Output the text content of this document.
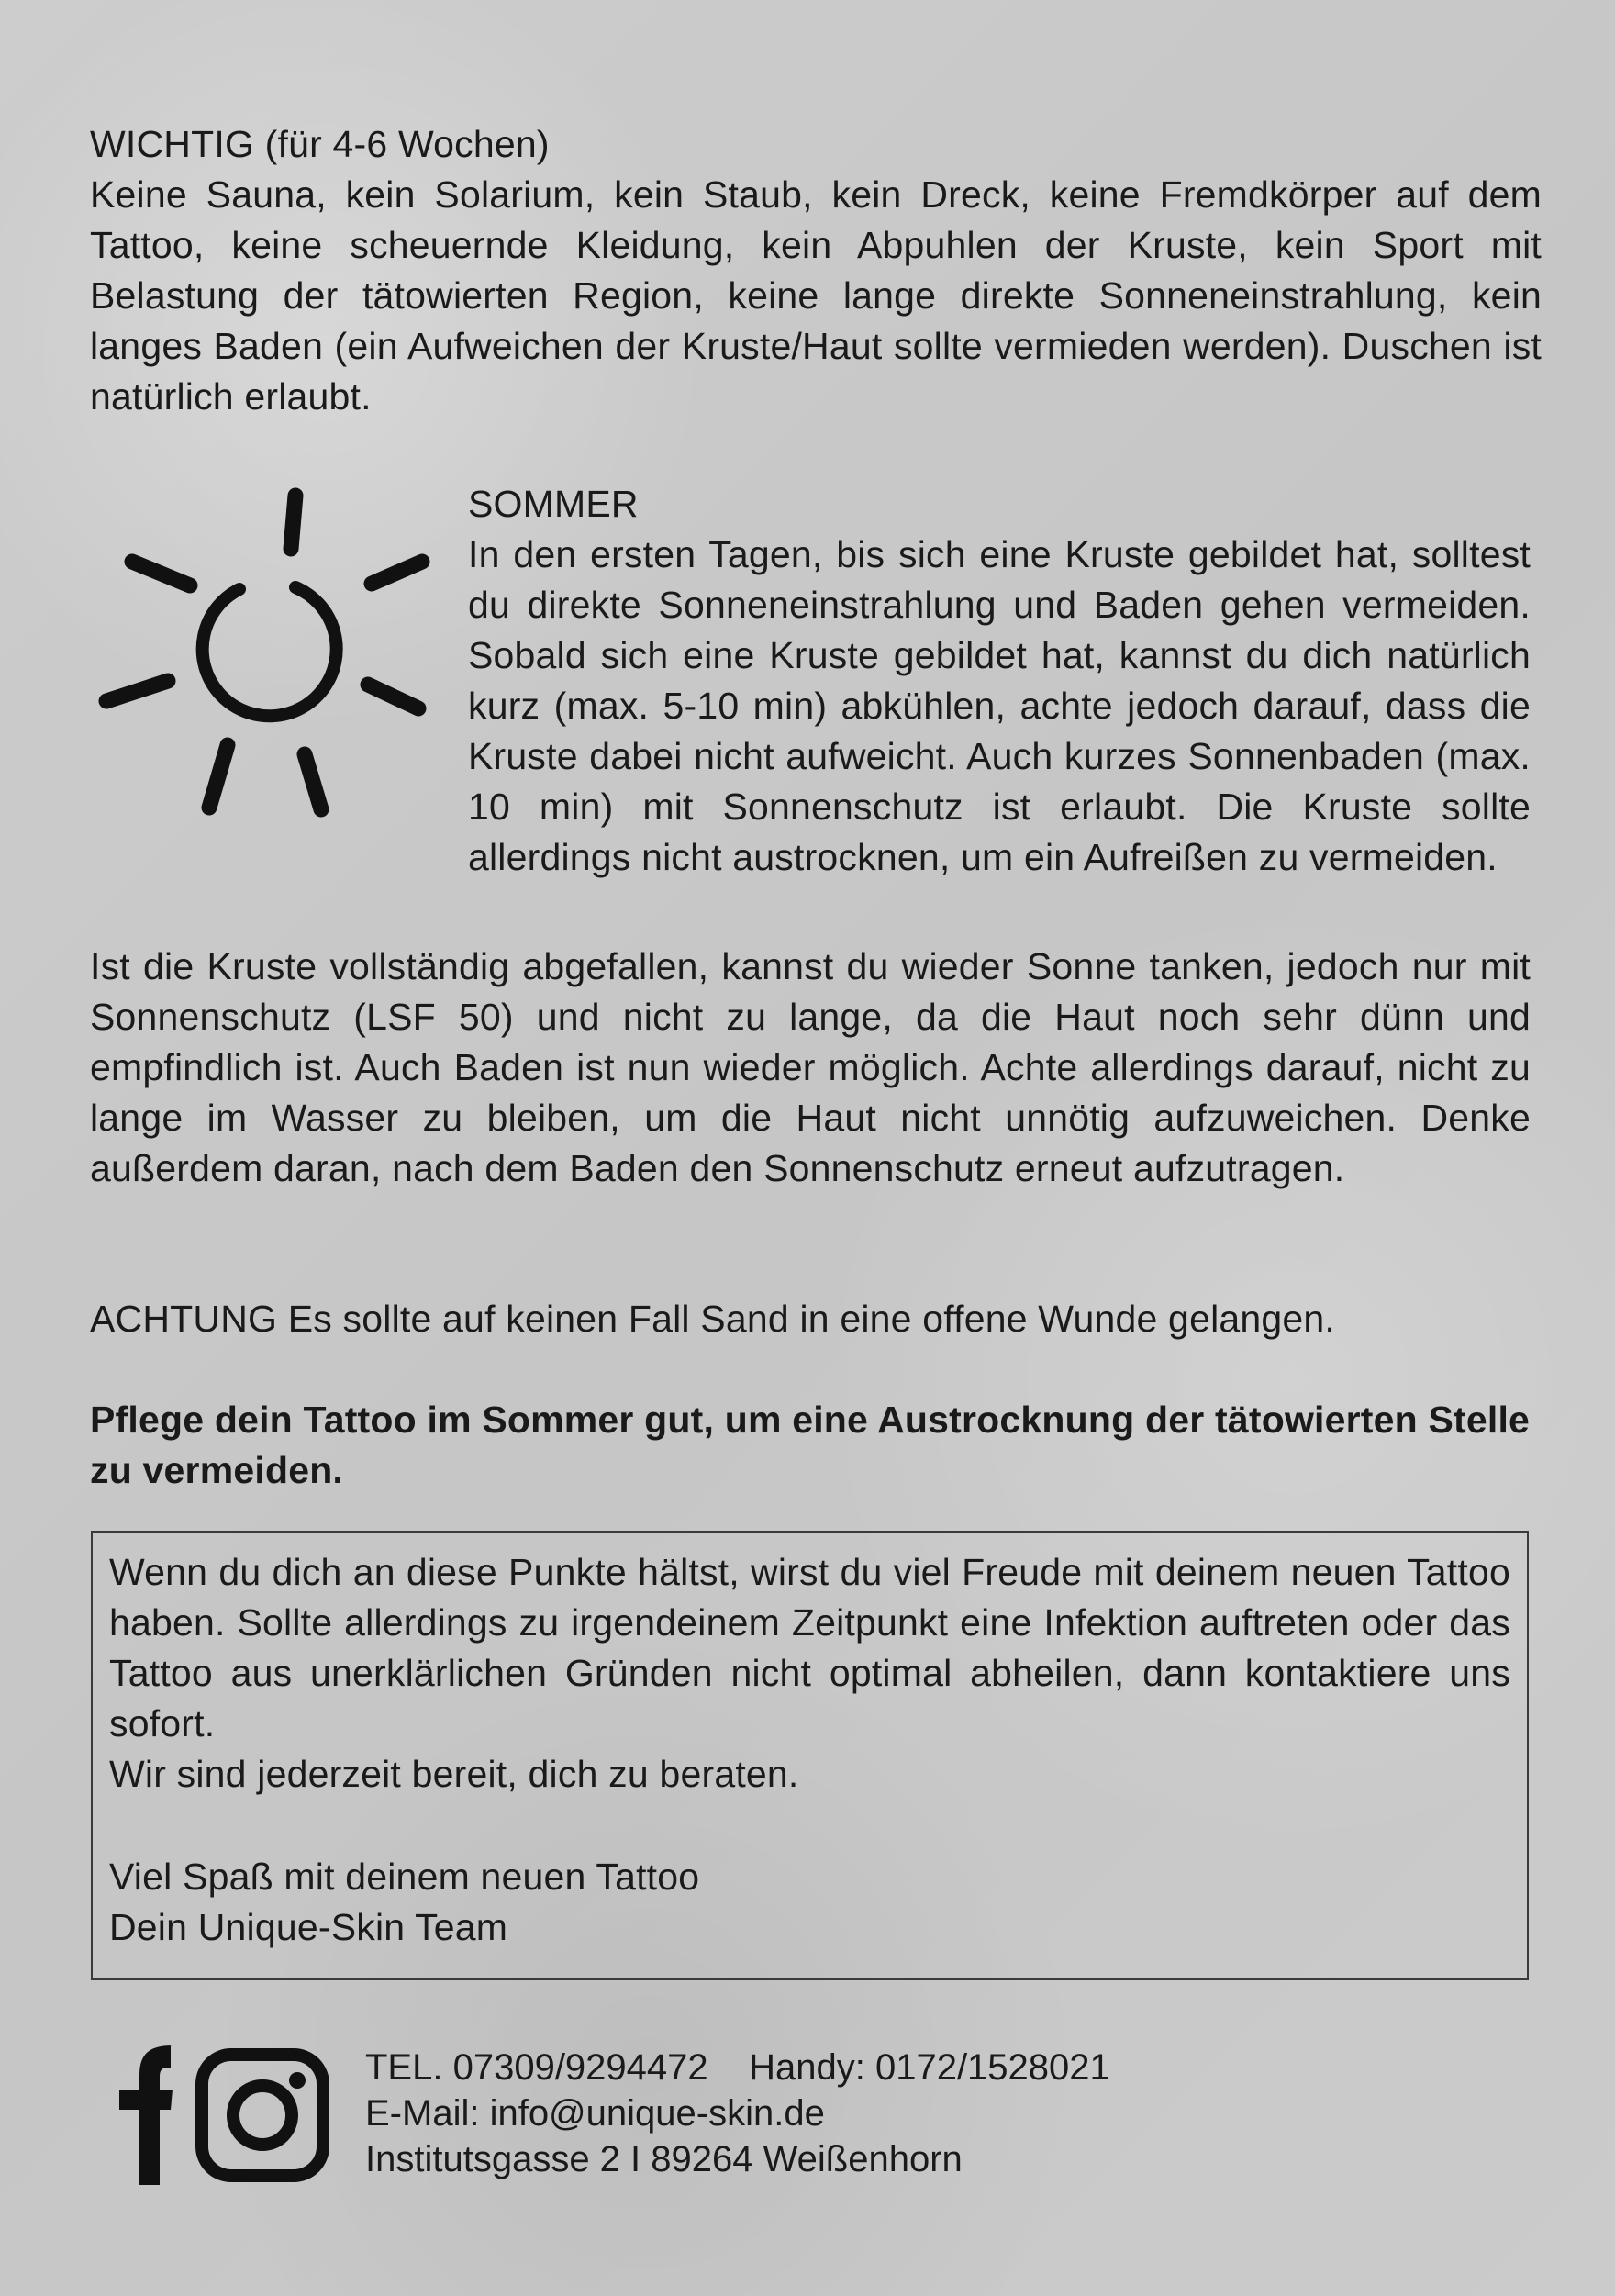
WICHTIG (für 4-6 Wochen)
Keine Sauna, kein Solarium, kein Staub, kein Dreck, keine Fremdkörper auf dem Tattoo, keine scheuernde Kleidung, kein Abpuhlen der Kruste, kein Sport mit Belastung der tätowierten Region, keine lange direkte Sonneneinstrahlung, kein langes Baden (ein Aufweichen der Kruste/Haut sollte vermieden werden). Duschen ist natürlich erlaubt.
SOMMER
In den ersten Tagen, bis sich eine Kruste gebildet hat, solltest du direkte Sonneneinstrahlung und Baden gehen vermeiden. Sobald sich eine Kruste gebildet hat, kannst du dich natürlich kurz (max. 5-10 min) abkühlen, achte jedoch darauf, dass die Kruste dabei nicht aufweicht. Auch kurzes Sonnenbaden (max. 10 min) mit Sonnenschutz ist erlaubt. Die Kruste sollte allerdings nicht austrocknen, um ein Aufreißen zu vermeiden.
Ist die Kruste vollständig abgefallen, kannst du wieder Sonne tanken, jedoch nur mit Sonnenschutz (LSF 50) und nicht zu lange, da die Haut noch sehr dünn und empfindlich ist. Auch Baden ist nun wieder möglich. Achte allerdings darauf, nicht zu lange im Wasser zu bleiben, um die Haut nicht unnötig aufzuweichen. Denke außerdem daran, nach dem Baden den Sonnenschutz erneut aufzutragen.
ACHTUNG Es sollte auf keinen Fall Sand in eine offene Wunde gelangen.
Pflege dein Tattoo im Sommer gut, um eine Austrocknung der tätowierten Stelle zu vermeiden.
Wenn du dich an diese Punkte hältst, wirst du viel Freude mit deinem neuen Tattoo haben. Sollte allerdings zu irgendeinem Zeitpunkt eine Infektion auftreten oder das Tattoo aus unerklärlichen Gründen nicht optimal abheilen, dann kontaktiere uns sofort.
Wir sind jederzeit bereit, dich zu beraten.
Viel Spaß mit deinem neuen Tattoo
Dein Unique-Skin Team
TEL. 07309/9294472    Handy: 0172/1528021
E-Mail: info@unique-skin.de
Institutsgasse 2 I 89264 Weißenhorn
